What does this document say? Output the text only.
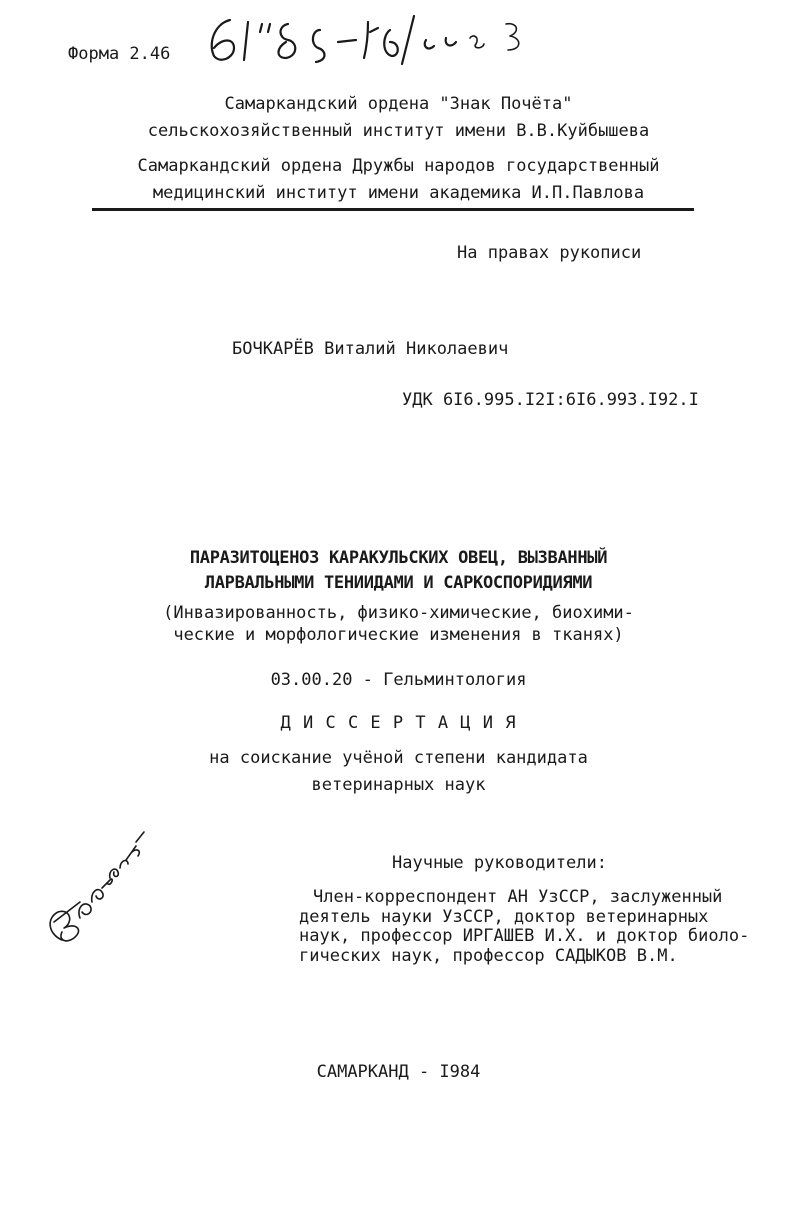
Форма 2.46
Самаркандский ордена "Знак Почёта"
сельскохозяйственный институт имени В.В.Куйбышева
Самаркандский ордена Дружбы народов государственный
медицинский институт имени академика И.П.Павлова
На правах рукописи
БОЧКАРЁВ Виталий Николаевич
УДК 6I6.995.I2I:6I6.993.I92.I
ПАРАЗИТОЦЕНОЗ КАРАКУЛЬСКИХ ОВЕЦ, ВЫЗВАННЫЙ
ЛАРВАЛЬНЫМИ ТЕНИИДАМИ И САРКОСПОРИДИЯМИ
(Инвазированность, физико-химические, биохими-
ческие и морфологические изменения в тканях)
03.00.20 - Гельминтология
Д И С С Е Р Т А Ц И Я
на соискание учёной степени кандидата
ветеринарных наук
Научные руководители:
Член-корреспондент АН УзССР, заслуженный
деятель науки УзССР, доктор ветеринарных
наук, профессор ИРГАШЕВ И.Х. и доктор биоло-
гических наук, профессор САДЫКОВ В.М.
САМАРКАНД - I984
